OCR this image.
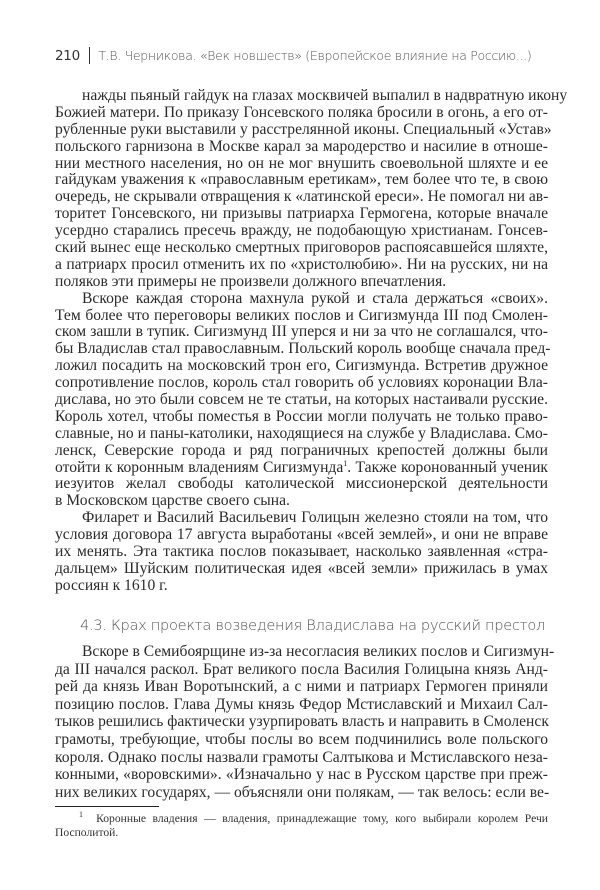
210 Т.В. Черникова. «Век новшеств» (Европейское влияние на Россию...)
нажды пьяный гайдук на глазах москвичей выпалил в надвратную икону
Божией матери. По приказу Гонсевского поляка бросили в огонь, а его от-
рубленные руки выставили у расстрелянной иконы. Специальный «Устав»
польского гарнизона в Москве карал за мародерство и насилие в отноше-
нии местного населения, но он не мог внушить своевольной шляхте и ее
гайдукам уважения к «православным еретикам», тем более что те, в свою
очередь, не скрывали отвращения к «латинской ереси». Не помогал ни ав-
торитет Гонсевского, ни призывы патриарха Гермогена, которые вначале
усердно старались пресечь вражду, не подобающую христианам. Гонсев-
ский вынес еще несколько смертных приговоров распоясавшейся шляхте,
а патриарх просил отменить их по «христолюбию». Ни на русских, ни на
поляков эти примеры не произвели должного впечатления.
Вскоре каждая сторона махнула рукой и стала держаться «своих».
Тем более что переговоры великих послов и Сигизмунда III под Смолен-
ском зашли в тупик. Сигизмунд III уперся и ни за что не соглашался, что-
бы Владислав стал православным. Польский король вообще сначала пред-
ложил посадить на московский трон его, Сигизмунда. Встретив дружное
сопротивление послов, король стал говорить об условиях коронации Вла-
дислава, но это были совсем не те статьи, на которых настаивали русские.
Король хотел, чтобы поместья в России могли получать не только право-
славные, но и паны-католики, находящиеся на службе у Владислава. Смо-
ленск, Северские города и ряд пограничных крепостей должны были
отойти к коронным владениям Сигизмунда$^1$. Также коронованный ученик
иезуитов желал свободы католической миссионерской деятельности
в Московском царстве своего сына.
Филарет и Василий Васильевич Голицын железно стояли на том, что
условия договора 17 августа выработаны «всей землей», и они не вправе
их менять. Эта тактика послов показывает, насколько заявленная «стра-
дальцем» Шуйским политическая идея «всей земли» прижилась в умах
россиян к 1610 г.
4.3. Крах проекта возведения Владислава на русский престол
Вскоре в Семибоярщине из-за несогласия великих послов и Сигизмун-
да III начался раскол. Брат великого посла Василия Голицына князь Анд-
рей да князь Иван Воротынский, а с ними и патриарх Гермоген приняли
позицию послов. Глава Думы князь Федор Мстиславский и Михаил Сал-
тыков решились фактически узурпировать власть и направить в Смоленск
грамоты, требующие, чтобы послы во всем подчинились воле польского
короля. Однако послы назвали грамоты Салтыкова и Мстиславского неза-
конными, «воровскими». «Изначально у нас в Русском царстве при преж-
них великих государях, — объясняли они полякам, — так велось: если ве-
$^1$ Коронные владения — владения, принадлежащие тому, кого выбирали королем Речи
Посполитой.
